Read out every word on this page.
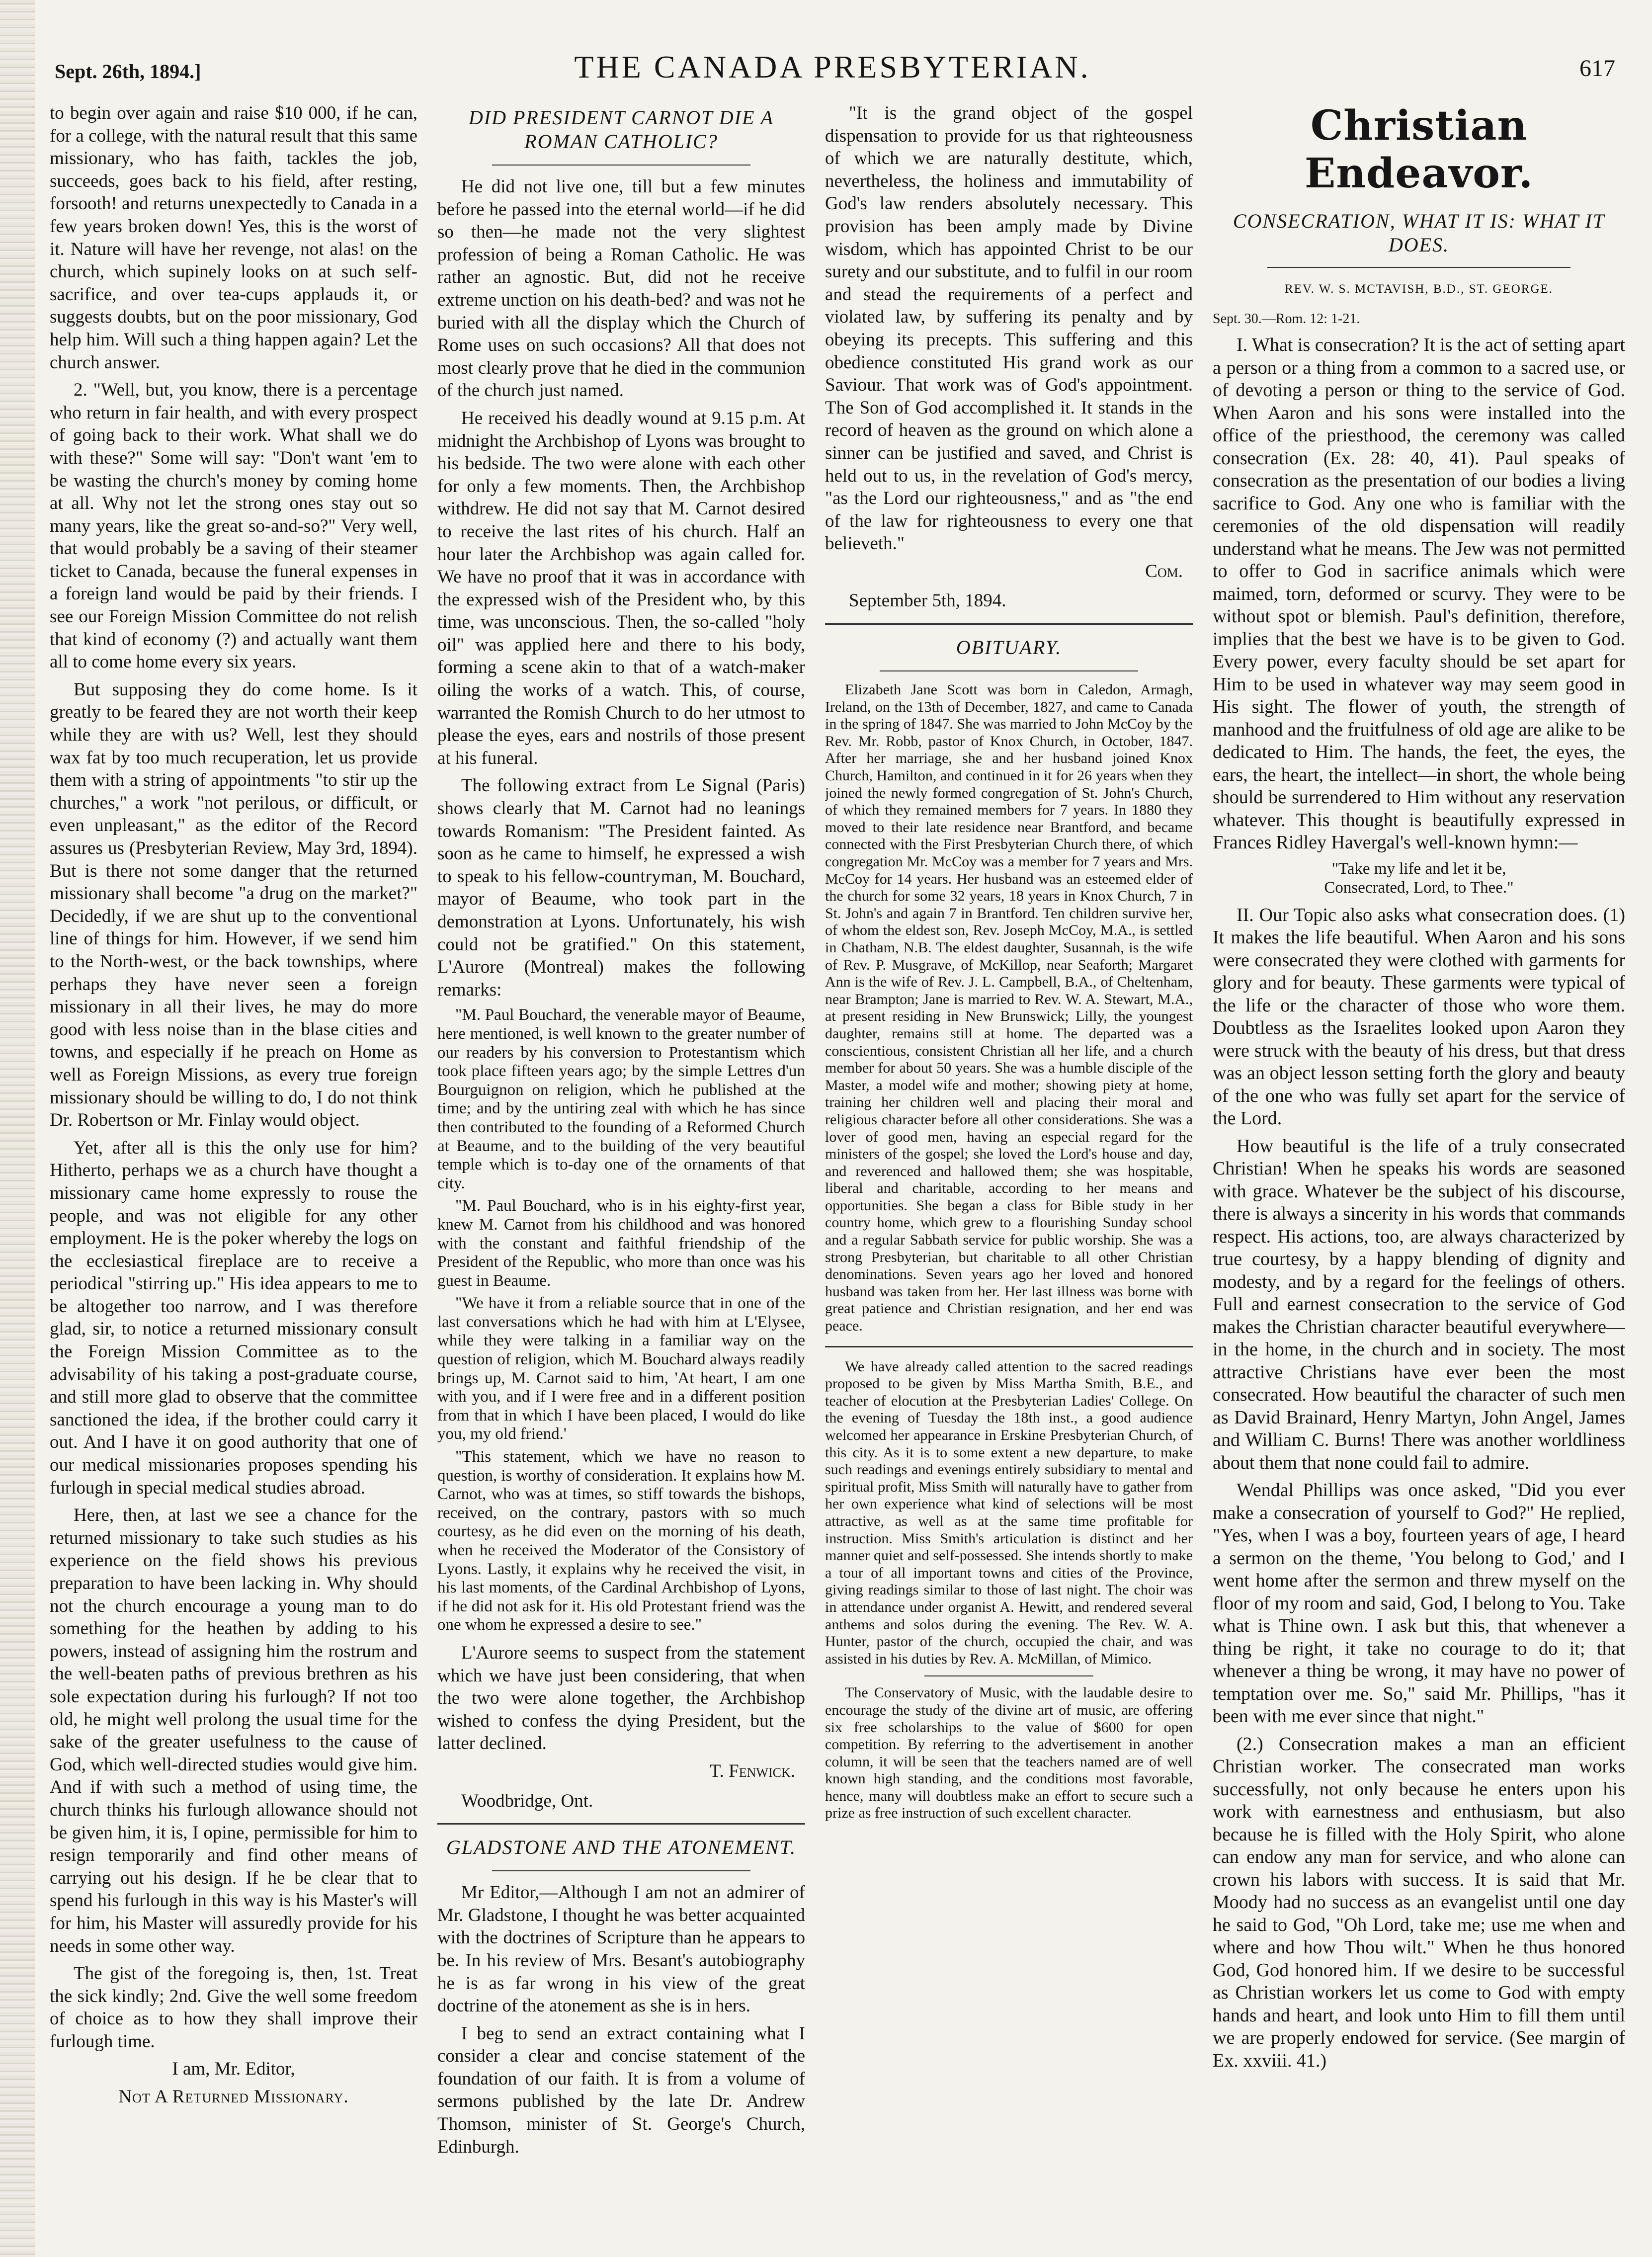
Sept. 26th, 1894.]	THE CANADA PRESBYTERIAN.	617

to begin over again and raise $10 000, if he can, for a college, with the natural result that this same missionary, who has faith, tackles the job, succeeds, goes back to his field, after resting, forsooth! and returns unexpectedly to Canada in a few years broken down! Yes, this is the worst of it. Nature will have her revenge, not alas! on the church, which supinely looks on at such self-sacrifice, and over tea-cups applauds it, or suggests doubts, but on the poor missionary, God help him. Will such a thing happen again? Let the church answer.

2. "Well, but, you know, there is a percentage who return in fair health, and with every prospect of going back to their work. What shall we do with these?" Some will say: "Don't want 'em to be wasting the church's money by coming home at all. Why not let the strong ones stay out so many years, like the great so-and-so?" Very well, that would probably be a saving of their steamer ticket to Canada, because the funeral expenses in a foreign land would be paid by their friends. I see our Foreign Mission Committee do not relish that kind of economy (?) and actually want them all to come home every six years.

But supposing they do come home. Is it greatly to be feared they are not worth their keep while they are with us? Well, lest they should wax fat by too much recuperation, let us provide them with a string of appointments "to stir up the churches," a work "not perilous, or difficult, or even unpleasant," as the editor of the Record assures us (Presbyterian Review, May 3rd, 1894). But is there not some danger that the returned missionary shall become "a drug on the market?" Decidedly, if we are shut up to the conventional line of things for him. However, if we send him to the North-west, or the back townships, where perhaps they have never seen a foreign missionary in all their lives, he may do more good with less noise than in the blase cities and towns, and especially if he preach on Home as well as Foreign Missions, as every true foreign missionary should be willing to do, I do not think Dr. Robertson or Mr. Finlay would object.

Yet, after all is this the only use for him? Hitherto, perhaps we as a church have thought a missionary came home expressly to rouse the people, and was not eligible for any other employment. He is the poker whereby the logs on the ecclesiastical fireplace are to receive a periodical "stirring up." His idea appears to me to be altogether too narrow, and I was therefore glad, sir, to notice a returned missionary consult the Foreign Mission Committee as to the advisability of his taking a post-graduate course, and still more glad to observe that the committee sanctioned the idea, if the brother could carry it out. And I have it on good authority that one of our medical missionaries proposes spending his furlough in special medical studies abroad.

Here, then, at last we see a chance for the returned missionary to take such studies as his experience on the field shows his previous preparation to have been lacking in. Why should not the church encourage a young man to do something for the heathen by adding to his powers, instead of assigning him the rostrum and the well-beaten paths of previous brethren as his sole expectation during his furlough? If not too old, he might well prolong the usual time for the sake of the greater usefulness to the cause of God, which well-directed studies would give him. And if with such a method of using time, the church thinks his furlough allowance should not be given him, it is, I opine, permissible for him to resign temporarily and find other means of carrying out his design. If he be clear that to spend his furlough in this way is his Master's will for him, his Master will assuredly provide for his needs in some other way.

The gist of the foregoing is, then, 1st. Treat the sick kindly; 2nd. Give the well some freedom of choice as to how they shall improve their furlough time.

I am, Mr. Editor,
Not A Returned Missionary.
DID PRESIDENT CARNOT DIE A ROMAN CATHOLIC?

He did not live one, till but a few minutes before he passed into the eternal world—if he did so then—he made not the very slightest profession of being a Roman Catholic. He was rather an agnostic. But, did not he receive extreme unction on his death-bed? and was not he buried with all the display which the Church of Rome uses on such occasions? All that does not most clearly prove that he died in the communion of the church just named.

He received his deadly wound at 9.15 p.m. At midnight the Archbishop of Lyons was brought to his bedside. The two were alone with each other for only a few moments. Then, the Archbishop withdrew. He did not say that M. Carnot desired to receive the last rites of his church. Half an hour later the Archbishop was again called for. We have no proof that it was in accordance with the expressed wish of the President who, by this time, was unconscious. Then, the so-called "holy oil" was applied here and there to his body, forming a scene akin to that of a watch-maker oiling the works of a watch. This, of course, warranted the Romish Church to do her utmost to please the eyes, ears and nostrils of those present at his funeral.

The following extract from Le Signal (Paris) shows clearly that M. Carnot had no leanings towards Romanism: "The President fainted. As soon as he came to himself, he expressed a wish to speak to his fellow-countryman, M. Bouchard, mayor of Beaume, who took part in the demonstration at Lyons. Unfortunately, his wish could not be gratified." On this statement, L'Aurore (Montreal) makes the following remarks:

"M. Paul Bouchard, the venerable mayor of Beaume, here mentioned, is well known to the greater number of our readers by his conversion to Protestantism which took place fifteen years ago; by the simple Lettres d'un Bourguignon on religion, which he published at the time; and by the untiring zeal with which he has since then contributed to the founding of a Reformed Church at Beaume, and to the building of the very beautiful temple which is to-day one of the ornaments of that city.

"M. Paul Bouchard, who is in his eighty-first year, knew M. Carnot from his childhood and was honored with the constant and faithful friendship of the President of the Republic, who more than once was his guest in Beaume.

"We have it from a reliable source that in one of the last conversations which he had with him at L'Elysee, while they were talking in a familiar way on the question of religion, which M. Bouchard always readily brings up, M. Carnot said to him, 'At heart, I am one with you, and if I were free and in a different position from that in which I have been placed, I would do like you, my old friend.'

"This statement, which we have no reason to question, is worthy of consideration. It explains how M. Carnot, who was at times, so stiff towards the bishops, received, on the contrary, pastors with so much courtesy, as he did even on the morning of his death, when he received the Moderator of the Consistory of Lyons. Lastly, it explains why he received the visit, in his last moments, of the Cardinal Archbishop of Lyons, if he did not ask for it. His old Protestant friend was the one whom he expressed a desire to see."

L'Aurore seems to suspect from the statement which we have just been considering, that when the two were alone together, the Archbishop wished to confess the dying President, but the latter declined.

T. Fenwick.
Woodbridge, Ont.
GLADSTONE AND THE ATONEMENT.

Mr Editor,—Although I am not an admirer of Mr. Gladstone, I thought he was better acquainted with the doctrines of Scripture than he appears to be. In his review of Mrs. Besant's autobiography he is as far wrong in his view of the great doctrine of the atonement as she is in hers.

I beg to send an extract containing what I consider a clear and concise statement of the foundation of our faith. It is from a volume of sermons published by the late Dr. Andrew Thomson, minister of St. George's Church, Edinburgh.

"It is the grand object of the gospel dispensation to provide for us that righteousness of which we are naturally destitute, which, nevertheless, the holiness and immutability of God's law renders absolutely necessary. This provision has been amply made by Divine wisdom, which has appointed Christ to be our surety and our substitute, and to fulfil in our room and stead the requirements of a perfect and violated law, by suffering its penalty and by obeying its precepts. This suffering and this obedience constituted His grand work as our Saviour. That work was of God's appointment. The Son of God accomplished it. It stands in the record of heaven as the ground on which alone a sinner can be justified and saved, and Christ is held out to us, in the revelation of God's mercy, "as the Lord our righteousness," and as "the end of the law for righteousness to every one that believeth."

Com.
September 5th, 1894.
OBITUARY.

Elizabeth Jane Scott was born in Caledon, Armagh, Ireland, on the 13th of December, 1827, and came to Canada in the spring of 1847. She was married to John McCoy by the Rev. Mr. Robb, pastor of Knox Church, in October, 1847. After her marriage, she and her husband joined Knox Church, Hamilton, and continued in it for 26 years when they joined the newly formed congregation of St. John's Church, of which they remained members for 7 years. In 1880 they moved to their late residence near Brantford, and became connected with the First Presbyterian Church there, of which congregation Mr. McCoy was a member for 7 years and Mrs. McCoy for 14 years. Her husband was an esteemed elder of the church for some 32 years, 18 years in Knox Church, 7 in St. John's and again 7 in Brantford. Ten children survive her, of whom the eldest son, Rev. Joseph McCoy, M.A., is settled in Chatham, N.B. The eldest daughter, Susannah, is the wife of Rev. P. Musgrave, of McKillop, near Seaforth; Margaret Ann is the wife of Rev. J. L. Campbell, B.A., of Cheltenham, near Brampton; Jane is married to Rev. W. A. Stewart, M.A., at present residing in New Brunswick; Lilly, the youngest daughter, remains still at home. The departed was a conscientious, consistent Christian all her life, and a church member for about 50 years. She was a humble disciple of the Master, a model wife and mother; showing piety at home, training her children well and placing their moral and religious character before all other considerations. She was a lover of good men, having an especial regard for the ministers of the gospel; she loved the Lord's house and day, and reverenced and hallowed them; she was hospitable, liberal and charitable, according to her means and opportunities. She began a class for Bible study in her country home, which grew to a flourishing Sunday school and a regular Sabbath service for public worship. She was a strong Presbyterian, but charitable to all other Christian denominations. Seven years ago her loved and honored husband was taken from her. Her last illness was borne with great patience and Christian resignation, and her end was peace.

We have already called attention to the sacred readings proposed to be given by Miss Martha Smith, B.E., and teacher of elocution at the Presbyterian Ladies' College. On the evening of Tuesday the 18th inst., a good audience welcomed her appearance in Erskine Presbyterian Church, of this city. As it is to some extent a new departure, to make such readings and evenings entirely subsidiary to mental and spiritual profit, Miss Smith will naturally have to gather from her own experience what kind of selections will be most attractive, as well as at the same time profitable for instruction. Miss Smith's articulation is distinct and her manner quiet and self-possessed. She intends shortly to make a tour of all important towns and cities of the Province, giving readings similar to those of last night. The choir was in attendance under organist A. Hewitt, and rendered several anthems and solos during the evening. The Rev. W. A. Hunter, pastor of the church, occupied the chair, and was assisted in his duties by Rev. A. McMillan, of Mimico.

The Conservatory of Music, with the laudable desire to encourage the study of the divine art of music, are offering six free scholarships to the value of $600 for open competition. By referring to the advertisement in another column, it will be seen that the teachers named are of well known high standing, and the conditions most favorable, hence, many will doubtless make an effort to secure such a prize as free instruction of such excellent character.

Christian Endeavor.
CONSECRATION, WHAT IT IS: WHAT IT DOES.
REV. W. S. MCTAVISH, B.D., ST. GEORGE.
Sept. 30.—Rom. 12: 1-21.

I. What is consecration? It is the act of setting apart a person or a thing from a common to a sacred use, or of devoting a person or thing to the service of God. When Aaron and his sons were installed into the office of the priesthood, the ceremony was called consecration (Ex. 28: 40, 41). Paul speaks of consecration as the presentation of our bodies a living sacrifice to God. Any one who is familiar with the ceremonies of the old dispensation will readily understand what he means. The Jew was not permitted to offer to God in sacrifice animals which were maimed, torn, deformed or scurvy. They were to be without spot or blemish. Paul's definition, therefore, implies that the best we have is to be given to God. Every power, every faculty should be set apart for Him to be used in whatever way may seem good in His sight. The flower of youth, the strength of manhood and the fruitfulness of old age are alike to be dedicated to Him. The hands, the feet, the eyes, the ears, the heart, the intellect—in short, the whole being should be surrendered to Him without any reservation whatever. This thought is beautifully expressed in Frances Ridley Havergal's well-known hymn:—

"Take my life and let it be,
Consecrated, Lord, to Thee."

II. Our Topic also asks what consecration does. (1) It makes the life beautiful. When Aaron and his sons were consecrated they were clothed with garments for glory and for beauty. These garments were typical of the life or the character of those who wore them. Doubtless as the Israelites looked upon Aaron they were struck with the beauty of his dress, but that dress was an object lesson setting forth the glory and beauty of the one who was fully set apart for the service of the Lord.

How beautiful is the life of a truly consecrated Christian! When he speaks his words are seasoned with grace. Whatever be the subject of his discourse, there is always a sincerity in his words that commands respect. His actions, too, are always characterized by true courtesy, by a happy blending of dignity and modesty, and by a regard for the feelings of others. Full and earnest consecration to the service of God makes the Christian character beautiful everywhere—in the home, in the church and in society. The most attractive Christians have ever been the most consecrated. How beautiful the character of such men as David Brainard, Henry Martyn, John Angel, James and William C. Burns! There was another worldliness about them that none could fail to admire.

Wendal Phillips was once asked, "Did you ever make a consecration of yourself to God?" He replied, "Yes, when I was a boy, fourteen years of age, I heard a sermon on the theme, 'You belong to God,' and I went home after the sermon and threw myself on the floor of my room and said, God, I belong to You. Take what is Thine own. I ask but this, that whenever a thing be right, it take no courage to do it; that whenever a thing be wrong, it may have no power of temptation over me. So," said Mr. Phillips, "has it been with me ever since that night."

(2.) Consecration makes a man an efficient Christian worker. The consecrated man works successfully, not only because he enters upon his work with earnestness and enthusiasm, but also because he is filled with the Holy Spirit, who alone can endow any man for service, and who alone can crown his labors with success. It is said that Mr. Moody had no success as an evangelist until one day he said to God, "Oh Lord, take me; use me when and where and how Thou wilt." When he thus honored God, God honored him. If we desire to be successful as Christian workers let us come to God with empty hands and heart, and look unto Him to fill them until we are properly endowed for service. (See margin of Ex. xxviii. 41.)
